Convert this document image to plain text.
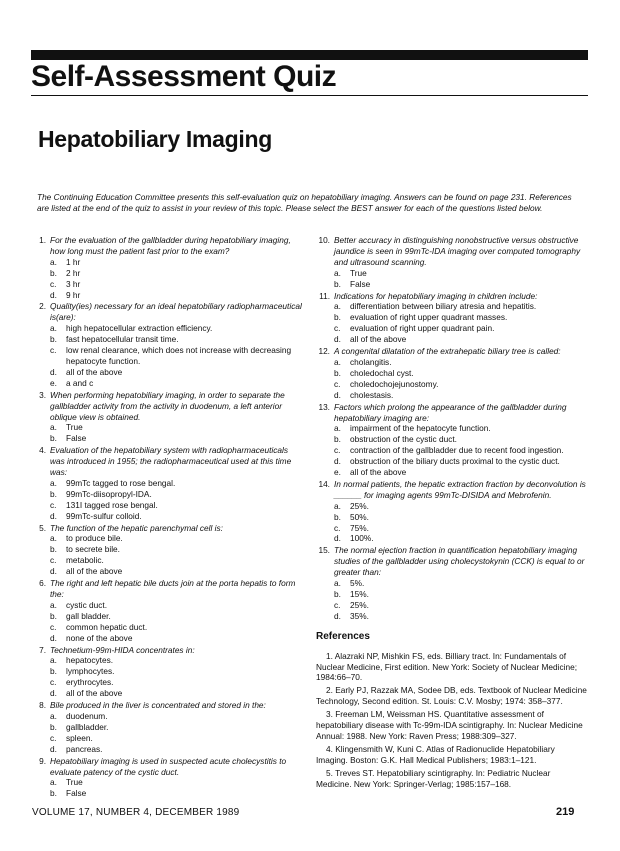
Self-Assessment Quiz
Hepatobiliary Imaging
The Continuing Education Committee presents this self-evaluation quiz on hepatobiliary imaging. Answers can be found on page 231. References are listed at the end of the quiz to assist in your review of this topic. Please select the BEST answer for each of the questions listed below.
1. For the evaluation of the gallbladder during hepatobiliary imaging, how long must the patient fast prior to the exam?
a. 1 hr
b. 2 hr
c. 3 hr
d. 9 hr
2. Quality(ies) necessary for an ideal hepatobiliary radiopharmaceutical is(are):
a. high hepatocellular extraction efficiency.
b. fast hepatocellular transit time.
c. low renal clearance, which does not increase with decreasing hepatocyte function.
d. all of the above
e. a and c
3. When performing hepatobiliary imaging, in order to separate the gallbladder activity from the activity in duodenum, a left anterior oblique view is obtained.
a. True
b. False
4. Evaluation of the hepatobiliary system with radiopharmaceuticals was introduced in 1955; the radiopharmaceutical used at this time was:
a. 99mTc tagged to rose bengal.
b. 99mTc-diisopropyl-IDA.
c. 131I tagged rose bengal.
d. 99mTc-sulfur colloid.
5. The function of the hepatic parenchymal cell is:
a. to produce bile.
b. to secrete bile.
c. metabolic.
d. all of the above
6. The right and left hepatic bile ducts join at the porta hepatis to form the:
a. cystic duct.
b. gall bladder.
c. common hepatic duct.
d. none of the above
7. Technetium-99m-HIDA concentrates in:
a. hepatocytes.
b. lymphocytes.
c. erythrocytes.
d. all of the above
8. Bile produced in the liver is concentrated and stored in the:
a. duodenum.
b. gallbladder.
c. spleen.
d. pancreas.
9. Hepatobiliary imaging is used in suspected acute cholecystitis to evaluate patency of the cystic duct.
a. True
b. False
10. Better accuracy in distinguishing nonobstructive versus obstructive jaundice is seen in 99mTc-IDA imaging over computed tomography and ultrasound scanning.
a. True
b. False
11. Indications for hepatobiliary imaging in children include:
a. differentiation between biliary atresia and hepatitis.
b. evaluation of right upper quadrant masses.
c. evaluation of right upper quadrant pain.
d. all of the above
12. A congenital dilatation of the extrahepatic biliary tree is called:
a. cholangitis.
b. choledochal cyst.
c. choledochojejunostomy.
d. cholestasis.
13. Factors which prolong the appearance of the gallbladder during hepatobiliary imaging are:
a. impairment of the hepatocyte function.
b. obstruction of the cystic duct.
c. contraction of the gallbladder due to recent food ingestion.
d. obstruction of the biliary ducts proximal to the cystic duct.
e. all of the above
14. In normal patients, the hepatic extraction fraction by deconvolution is ______ for imaging agents 99mTc-DISIDA and Mebrofenin.
a. 25%.
b. 50%.
c. 75%.
d. 100%.
15. The normal ejection fraction in quantification hepatobiliary imaging studies of the gallbladder using cholecystokynin (CCK) is equal to or greater than:
a. 5%.
b. 15%.
c. 25%.
d. 35%.
References
1. Alazraki NP, Mishkin FS, eds. Billiary tract. In: Fundamentals of Nuclear Medicine, First edition. New York: Society of Nuclear Medicine; 1984:66–70.
2. Early PJ, Razzak MA, Sodee DB, eds. Textbook of Nuclear Medicine Technology, Second edition. St. Louis: C.V. Mosby; 1974: 358–377.
3. Freeman LM, Weissman HS. Quantitative assessment of hepatobiliary disease with Tc-99m-IDA scintigraphy. In: Nuclear Medicine Annual: 1988. New York: Raven Press; 1988:309–327.
4. Klingensmith W, Kuni C. Atlas of Radionuclide Hepatobiliary Imaging. Boston: G.K. Hall Medical Publishers; 1983:1–121.
5. Treves ST. Hepatobiliary scintigraphy. In: Pediatric Nuclear Medicine. New York: Springer-Verlag; 1985:157–168.
VOLUME 17, NUMBER 4, DECEMBER 1989	219
